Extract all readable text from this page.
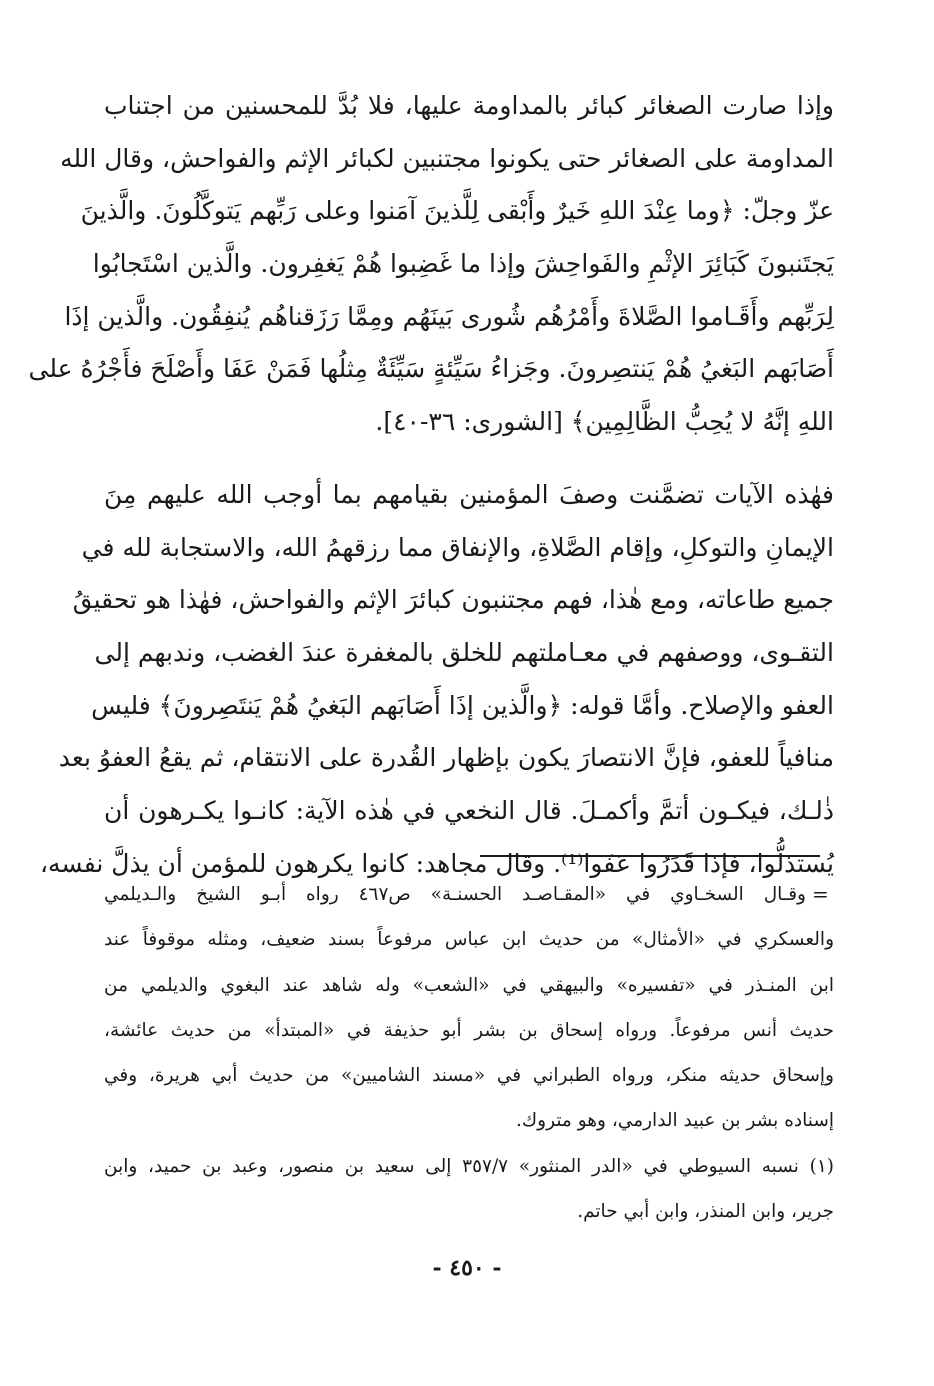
وإذا صارت الصغائر كبائر بالمداومة عليها، فلا بُدَّ للمحسنين من اجتناب
المداومة على الصغائر حتى يكونوا مجتنبين لكبائر الإثم والفواحش، وقال الله
عزّ وجلّ: ﴿وما عِنْدَ اللهِ خَيرٌ وأَبْقى لِلَّذينَ آمَنوا وعلى رَبِّهم يَتوكَّلُونَ. والَّذينَ
يَجتَنبونَ كَبَائِرَ الإثْمِ والفَواحِشَ وإذا ما غَضِبوا هُمْ يَغفِرون. والَّذين اسْتَجابُوا
لِرَبِّهم وأَقَـاموا الصَّلاةَ وأَمْرُهُم شُورى بَينَهُم ومِمَّا رَزَقناهُم يُنفِقُون. والَّذين إذَا
أَصَابَهم البَغيُ هُمْ يَنتصِرونَ. وجَزاءُ سَيِّئةٍ سَيِّئَةٌ مِثلُها فَمَنْ عَفَا وأَصْلَحَ فأَجْرُهُ على
اللهِ إنَّهُ لا يُحِبُّ الظَّالِمِين﴾ [الشورى: ٣٦-٤٠].
فهٰذه الآيات تضمَّنت وصفَ المؤمنين بقيامهم بما أوجب الله عليهم مِنَ
الإيمانِ والتوكلِ، وإقام الصَّلاةِ، والإنفاق مما رزقهمُ الله، والاستجابة لله في
جميع طاعاته، ومع هٰذا، فهم مجتنبون كبائرَ الإثم والفواحش، فهٰذا هو تحقيقُ
التقـوى، ووصفهم في معـاملتهم للخلق بالمغفرة عندَ الغضب، وندبهم إلى
العفو والإصلاح. وأمَّا قوله: ﴿والَّذين إذَا أَصَابَهم البَغيُ هُمْ يَنتَصِرونَ﴾ فليس
منافياً للعفو، فإنَّ الانتصارَ يكون بإظهار القُدرة على الانتقام، ثم يقعُ العفوُ بعد
ذٰلـك، فيكـون أتمَّ وأكمـلَ. قال النخعي في هٰذه الآية: كانـوا يكـرهون أن
يُستذلُّوا، فإذا قَدَرُوا عَفَوا⁽¹⁾. وقال مجاهد: كانوا يكرهون للمؤمن أن يذلَّ نفسه،
=
وقـال السخـاوي في «المقـاصـد الحسنـة» ص٤٦٧ رواه أبـو الشيخ والـديلمي
والعسكري في «الأمثال» من حديث ابن عباس مرفوعاً بسند ضعيف، ومثله موقوفاً عند
ابن المنـذر في «تفسيره» والبيهقي في «الشعب» وله شاهد عند البغوي والديلمي من
حديث أنس مرفوعاً. ورواه إسحاق بن بشر أبو حذيفة في «المبتدأ» من حديث عائشة،
وإسحاق حديثه منكر، ورواه الطبراني في «مسند الشاميين» من حديث أبي هريرة، وفي
إسناده بشر بن عبيد الدارمي، وهو متروك.
(١) نسبه السيوطي في «الدر المنثور» ٣٥٧/٧ إلى سعيد بن منصور، وعبد بن حميد، وابن
جرير، وابن المنذر، وابن أبي حاتم.
- ٤٥٠ -
